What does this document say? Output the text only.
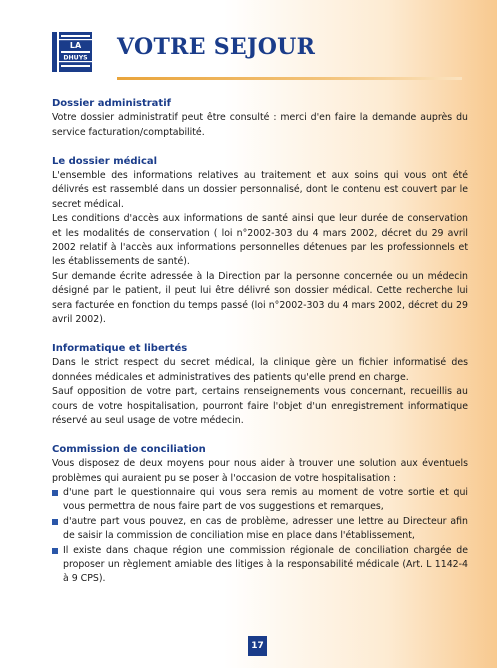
LA
DHUYS VOTRE SEJOUR
Dossier administratif

Votre dossier administratif peut être consulté : merci d'en faire la demande auprès du service facturation/comptabilité.

Le dossier médical

L'ensemble des informations relatives au traitement et aux soins qui vous ont été délivrés est rassemblé dans un dossier personnalisé, dont le contenu est couvert par le secret médical.

Les conditions d'accès aux informations de santé ainsi que leur durée de conservation et les modalités de conservation ( loi n°2002-303 du 4 mars 2002, décret du 29 avril 2002 relatif à l'accès aux informations personnelles détenues par les professionnels et les établissements de santé).

Sur demande écrite adressée à la Direction par la personne concernée ou un médecin désigné par le patient, il peut lui être délivré son dossier médical. Cette recherche lui sera facturée en fonction du temps passé (loi n°2002-303 du 4 mars 2002, décret du 29 avril 2002).

Informatique et libertés

Dans le strict respect du secret médical, la clinique gère un fichier informatisé des données médicales et administratives des patients qu'elle prend en charge.

Sauf opposition de votre part, certains renseignements vous concernant, recueillis au cours de votre hospitalisation, pourront faire l'objet d'un enregistrement informatique réservé au seul usage de votre médecin.

Commission de conciliation

Vous disposez de deux moyens pour nous aider à trouver une solution aux éventuels problèmes qui auraient pu se poser à l'occasion de votre hospitalisation :

d'une part le questionnaire qui vous sera remis au moment de votre sortie et qui vous permettra de nous faire part de vos suggestions et remarques,

d'autre part vous pouvez, en cas de problème, adresser une lettre au Directeur afin de saisir la commission de conciliation mise en place dans l'établissement,

Il existe dans chaque région une commission régionale de conciliation chargée de proposer un règlement amiable des litiges à la responsabilité médicale (Art. L 1142-4 à 9 CPS).

17
